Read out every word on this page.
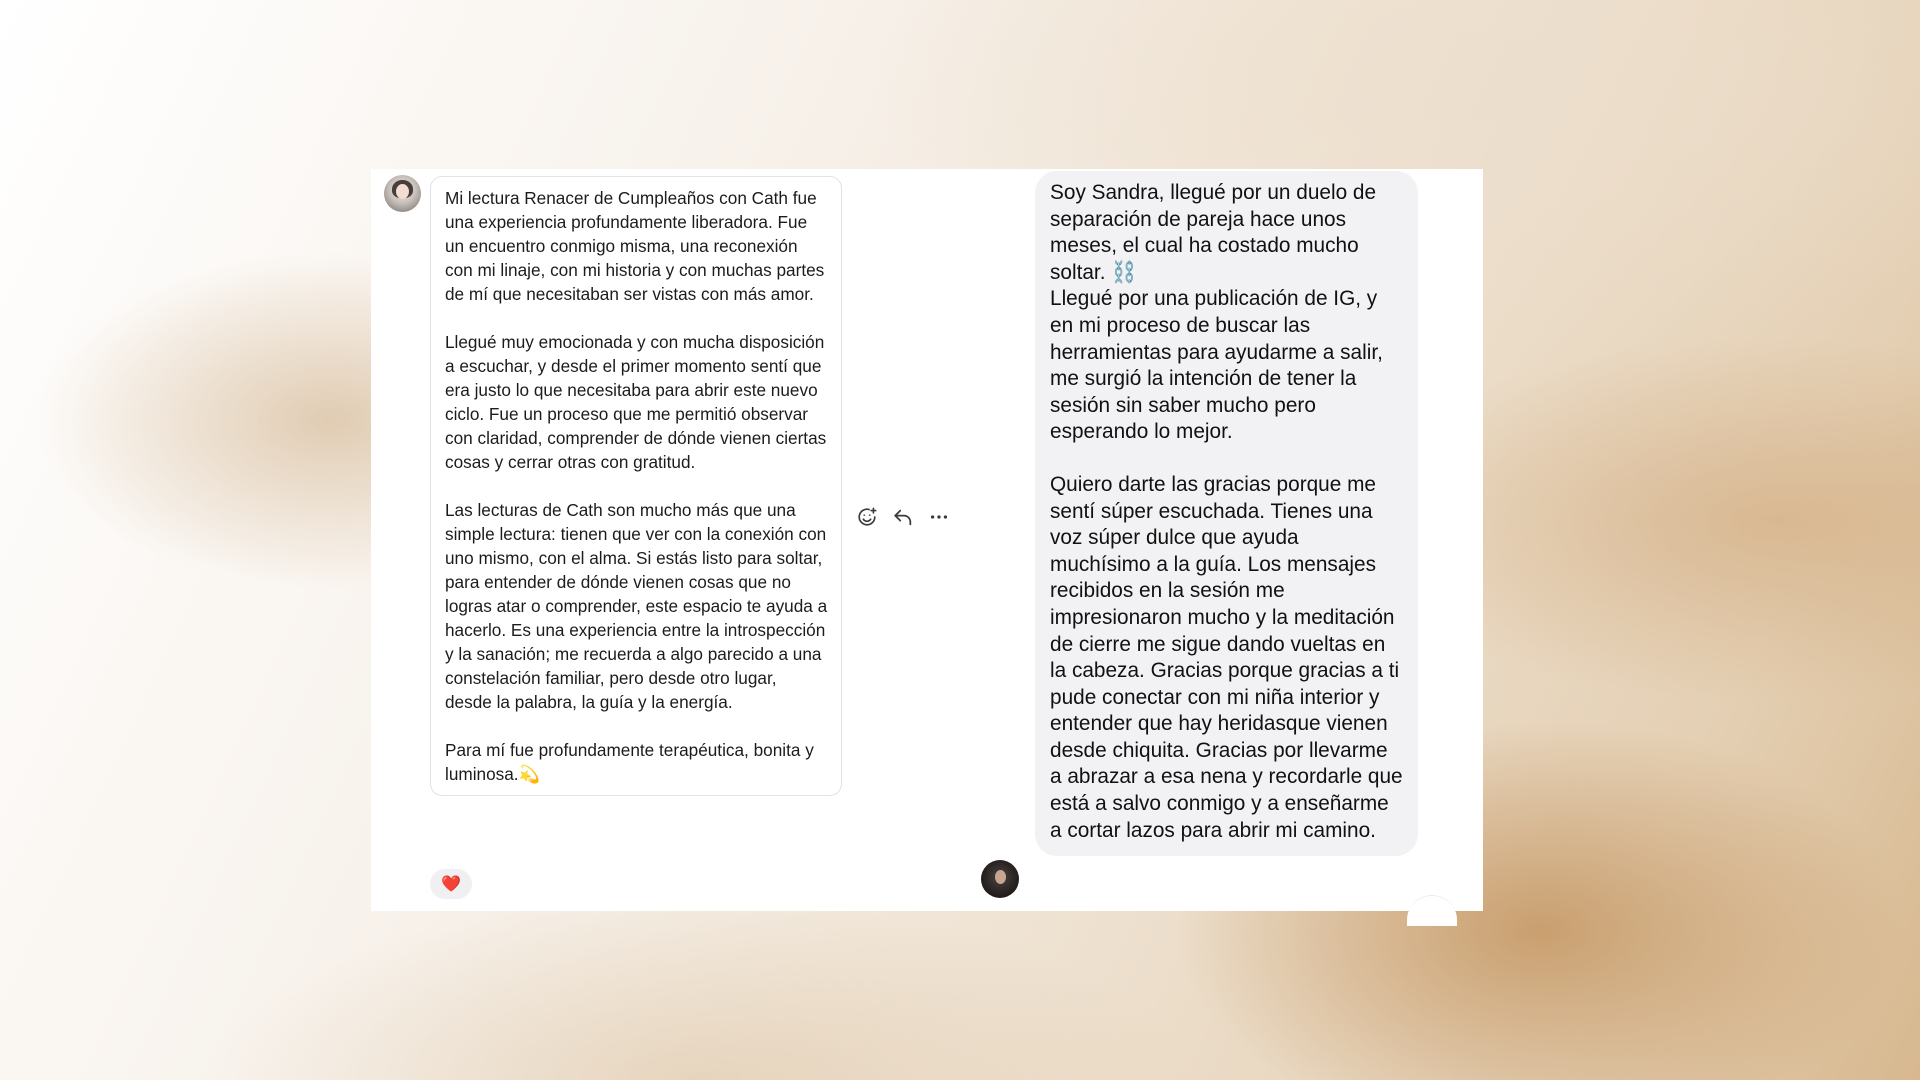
Mi lectura Renacer de Cumpleaños con Cath fue una experiencia profundamente liberadora. Fue un encuentro conmigo misma, una reconexión con mi linaje, con mi historia y con muchas partes de mí que necesitaban ser vistas con más amor.

Llegué muy emocionada y con mucha disposición a escuchar, y desde el primer momento sentí que era justo lo que necesitaba para abrir este nuevo ciclo. Fue un proceso que me permitió observar con claridad, comprender de dónde vienen ciertas cosas y cerrar otras con gratitud.

Las lecturas de Cath son mucho más que una simple lectura: tienen que ver con la conexión con uno mismo, con el alma. Si estás listo para soltar, para entender de dónde vienen cosas que no logras atar o comprender, este espacio te ayuda a hacerlo. Es una experiencia entre la introspección y la sanación; me recuerda a algo parecido a una constelación familiar, pero desde otro lugar, desde la palabra, la guía y la energía.

Para mí fue profundamente terapéutica, bonita y luminosa.💫

❤️

Soy Sandra, llegué por un duelo de separación de pareja hace unos meses, el cual ha costado mucho soltar. ⛓️

Llegué por una publicación de IG, y en mi proceso de buscar las herramientas para ayudarme a salir, me surgió la intención de tener la sesión sin saber mucho pero esperando lo mejor.

Quiero darte las gracias porque me sentí súper escuchada. Tienes una voz súper dulce que ayuda muchísimo a la guía. Los mensajes recibidos en la sesión me impresionaron mucho y la meditación de cierre me sigue dando vueltas en la cabeza. Gracias porque gracias a ti pude conectar con mi niña interior y entender que hay heridasque vienen desde chiquita. Gracias por llevarme a abrazar a esa nena y recordarle que está a salvo conmigo y a enseñarme a cortar lazos para abrir mi camino.
